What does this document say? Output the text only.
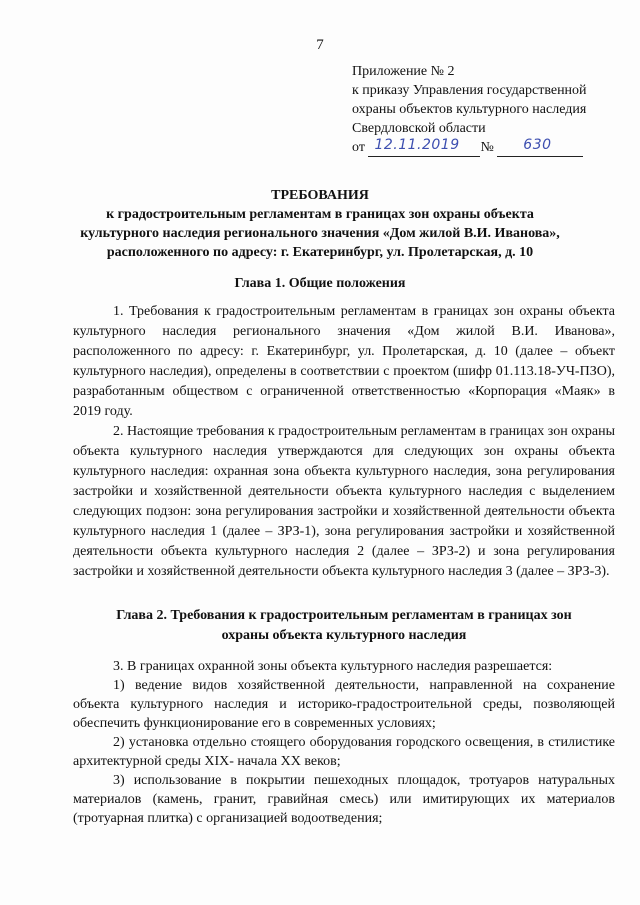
7
Приложение № 2
к приказу Управления государственной
охраны объектов культурного наследия
Свердловской области
от 12.11.2019 № 630
ТРЕБОВАНИЯ
к градостроительным регламентам в границах зон охраны объекта
культурного наследия регионального значения «Дом жилой В.И. Иванова»,
расположенного по адресу: г. Екатеринбург, ул. Пролетарская, д. 10
Глава 1. Общие положения

1. Требования к градостроительным регламентам в границах зон охраны объекта культурного наследия регионального значения «Дом жилой В.И. Иванова», расположенного по адресу: г. Екатеринбург, ул. Пролетарская, д. 10 (далее – объект культурного наследия), определены в соответствии с проектом (шифр 01.113.18-УЧ-ПЗО), разработанным обществом с ограниченной ответственностью «Корпорация «Маяк» в 2019 году.

2. Настоящие требования к градостроительным регламентам в границах зон охраны объекта культурного наследия утверждаются для следующих зон охраны объекта культурного наследия: охранная зона объекта культурного наследия, зона регулирования застройки и хозяйственной деятельности объекта культурного наследия с выделением следующих подзон: зона регулирования застройки и хозяйственной деятельности объекта культурного наследия 1 (далее – ЗРЗ-1), зона регулирования застройки и хозяйственной деятельности объекта культурного наследия 2 (далее – ЗРЗ-2) и зона регулирования застройки и хозяйственной деятельности объекта культурного наследия 3 (далее – ЗРЗ-3).

Глава 2. Требования к градостроительным регламентам в границах зон
охраны объекта культурного наследия

3. В границах охранной зоны объекта культурного наследия разрешается:

1) ведение видов хозяйственной деятельности, направленной на сохранение объекта культурного наследия и историко-градостроительной среды, позволяющей обеспечить функционирование его в современных условиях;

2) установка отдельно стоящего оборудования городского освещения, в стилистике архитектурной среды XIX- начала XX веков;

3) использование в покрытии пешеходных площадок, тротуаров натуральных материалов (камень, гранит, гравийная смесь) или имитирующих их материалов (тротуарная плитка) с организацией водоотведения;
